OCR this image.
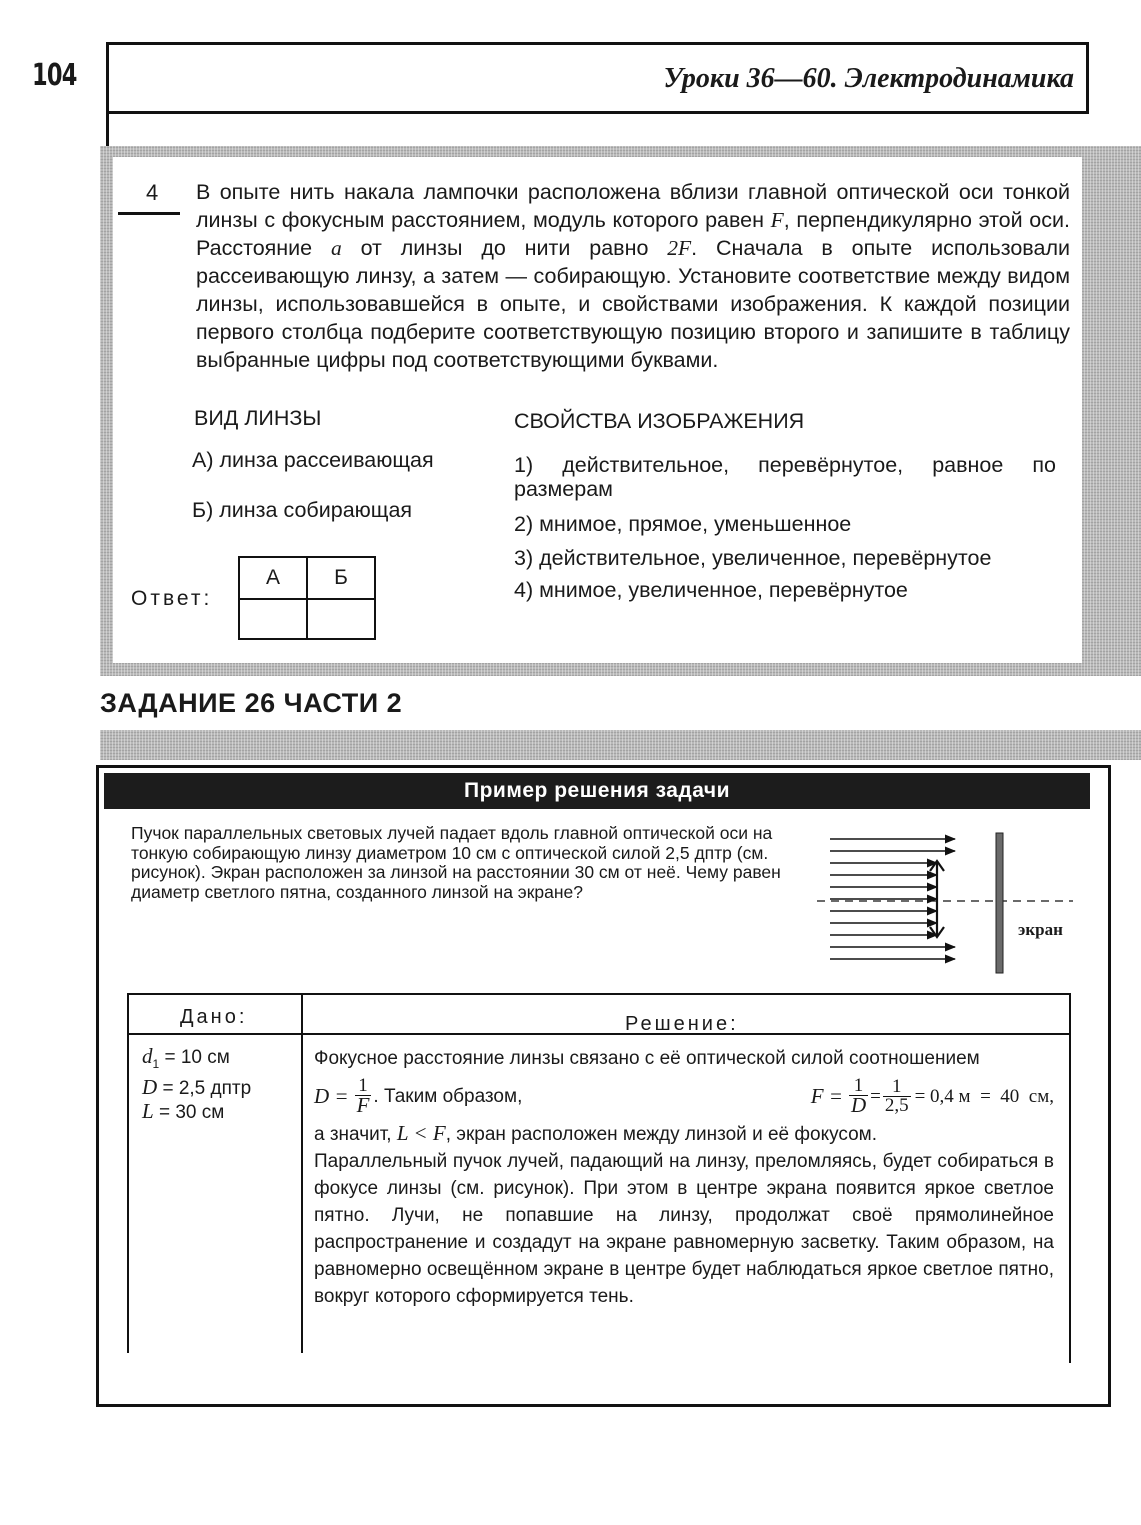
104	Уроки 36—60. Электродинамика
4 В опыте нить накала лампочки расположена вблизи главной оптической оси тонкой линзы с фокусным расстоянием, модуль которого равен F, перпендикулярно этой оси. Расстояние a от линзы до нити равно 2F. Сначала в опыте использовали рассеивающую линзу, а затем — собирающую. Установите соответствие между видом линзы, использовавшейся в опыте, и свойствами изображения. К каждой позиции первого столбца подберите соответствующую позицию второго и запишите в таблицу выбранные цифры под соответствующими буквами.
ВИД ЛИНЗЫ	СВОЙСТВА ИЗОБРАЖЕНИЯ
А) линза рассеивающая
Б) линза собирающая
1) действительное, перевёрнутое, равное по размерам
2) мнимое, прямое, уменьшенное
3) действительное, увеличенное, перевёрнутое
4) мнимое, увеличенное, перевёрнутое
Ответ:
А	Б

ЗАДАНИЕ 26 ЧАСТИ 2
Пример решения задачи
Пучок параллельных световых лучей падает вдоль главной оптической оси на тонкую собирающую линзу диаметром 10 см с оптической силой 2,5 дптр (см. рисунок). Экран расположен за линзой на расстоянии 30 см от неё. Чему равен диаметр светлого пятна, созданного линзой на экране?
экран
Дано:	Решение:
$d_1 = 10$ см
D = 2,5 дптр
L = 30 см
Фокусное расстояние линзы связано с её оптической силой соотношением
$D = \frac{1}{F}$ . Таким образом,	$F = \frac{1}{D} = \frac{1}{2,5} = 0,4$ м  =  40  см,
а значит, L < F, экран расположен между линзой и её фокусом.
Параллельный пучок лучей, падающий на линзу, преломляясь, будет собираться в фокусе линзы (см. рисунок). При этом в центре экрана появится яркое светлое пятно. Лучи, не попавшие на линзу, продолжат своё прямолинейное распространение и создадут на экране равномерную засветку. Таким образом, на равномерно освещённом экране в центре будет наблюдаться яркое светлое пятно, вокруг которого сформируется тень.
